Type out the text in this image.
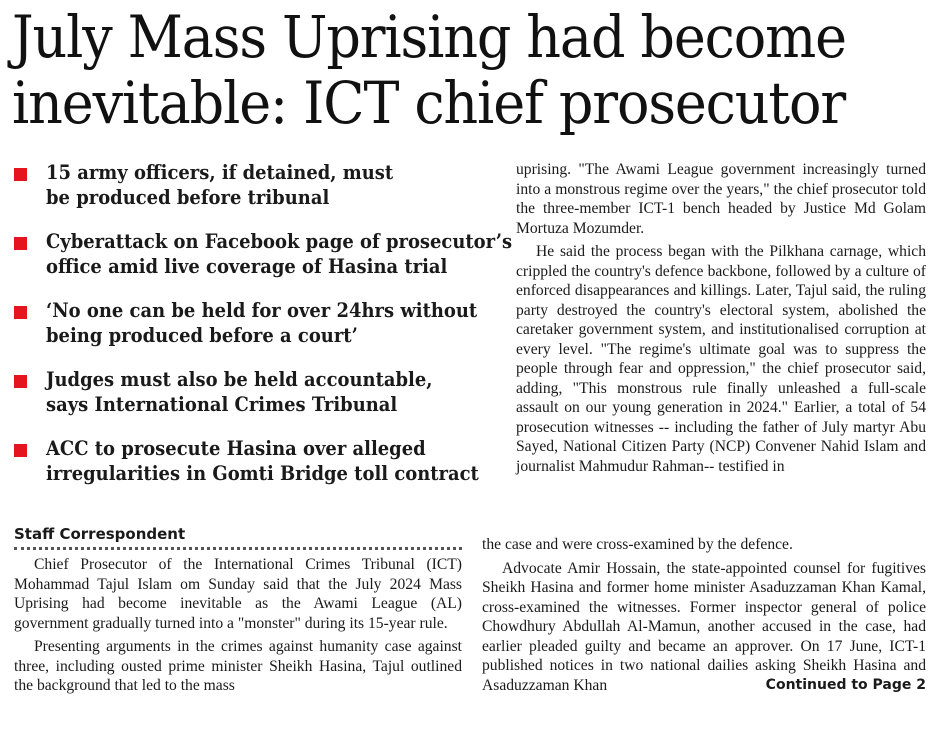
July Mass Uprising had become
inevitable: ICT chief prosecutor
15 army officers, if detained, must
be produced before tribunal
Cyberattack on Facebook page of prosecutor’s
office amid live coverage of Hasina trial
‘No one can be held for over 24hrs without
being produced before a court’
Judges must also be held accountable,
says International Crimes Tribunal
ACC to prosecute Hasina over alleged
irregularities in Gomti Bridge toll contract
Staff Correspondent

Chief Prosecutor of the International Crimes Tribunal (ICT) Mohammad Tajul Islam om Sunday said that the July 2024 Mass Uprising had become inevitable as the Awami League (AL) government gradually turned into a "monster" during its 15-year rule.

Presenting arguments in the crimes against humanity case against three, including ousted prime minister Sheikh Hasina, Tajul outlined the background that led to the mass

uprising. "The Awami League government increasingly turned into a monstrous regime over the years," the chief prosecutor told the three-member ICT-1 bench headed by Justice Md Golam Mortuza Mozumder.

He said the process began with the Pilkhana carnage, which crippled the country's defence backbone, followed by a culture of enforced disappearances and killings. Later, Tajul said, the ruling party destroyed the country's electoral system, abolished the caretaker government system, and institutionalised corruption at every level. "The regime's ultimate goal was to suppress the people through fear and oppression," the chief prosecutor said, adding, "This monstrous rule finally unleashed a full-scale assault on our young generation in 2024." Earlier, a total of 54 prosecution witnesses -- including the father of July martyr Abu Sayed, National Citizen Party (NCP) Convener Nahid Islam and journalist Mahmudur Rahman-- testified in

the case and were cross-examined by the defence.

Advocate Amir Hossain, the state-appointed counsel for fugitives Sheikh Hasina and former home minister Asaduzzaman Khan Kamal, cross-examined the witnesses. Former inspector general of police Chowdhury Abdullah Al-Mamun, another accused in the case, had earlier pleaded guilty and became an approver. On 17 June, ICT-1 published notices in two national dailies asking Sheikh Hasina and Asaduzzaman Khan	Continued to Page 2
